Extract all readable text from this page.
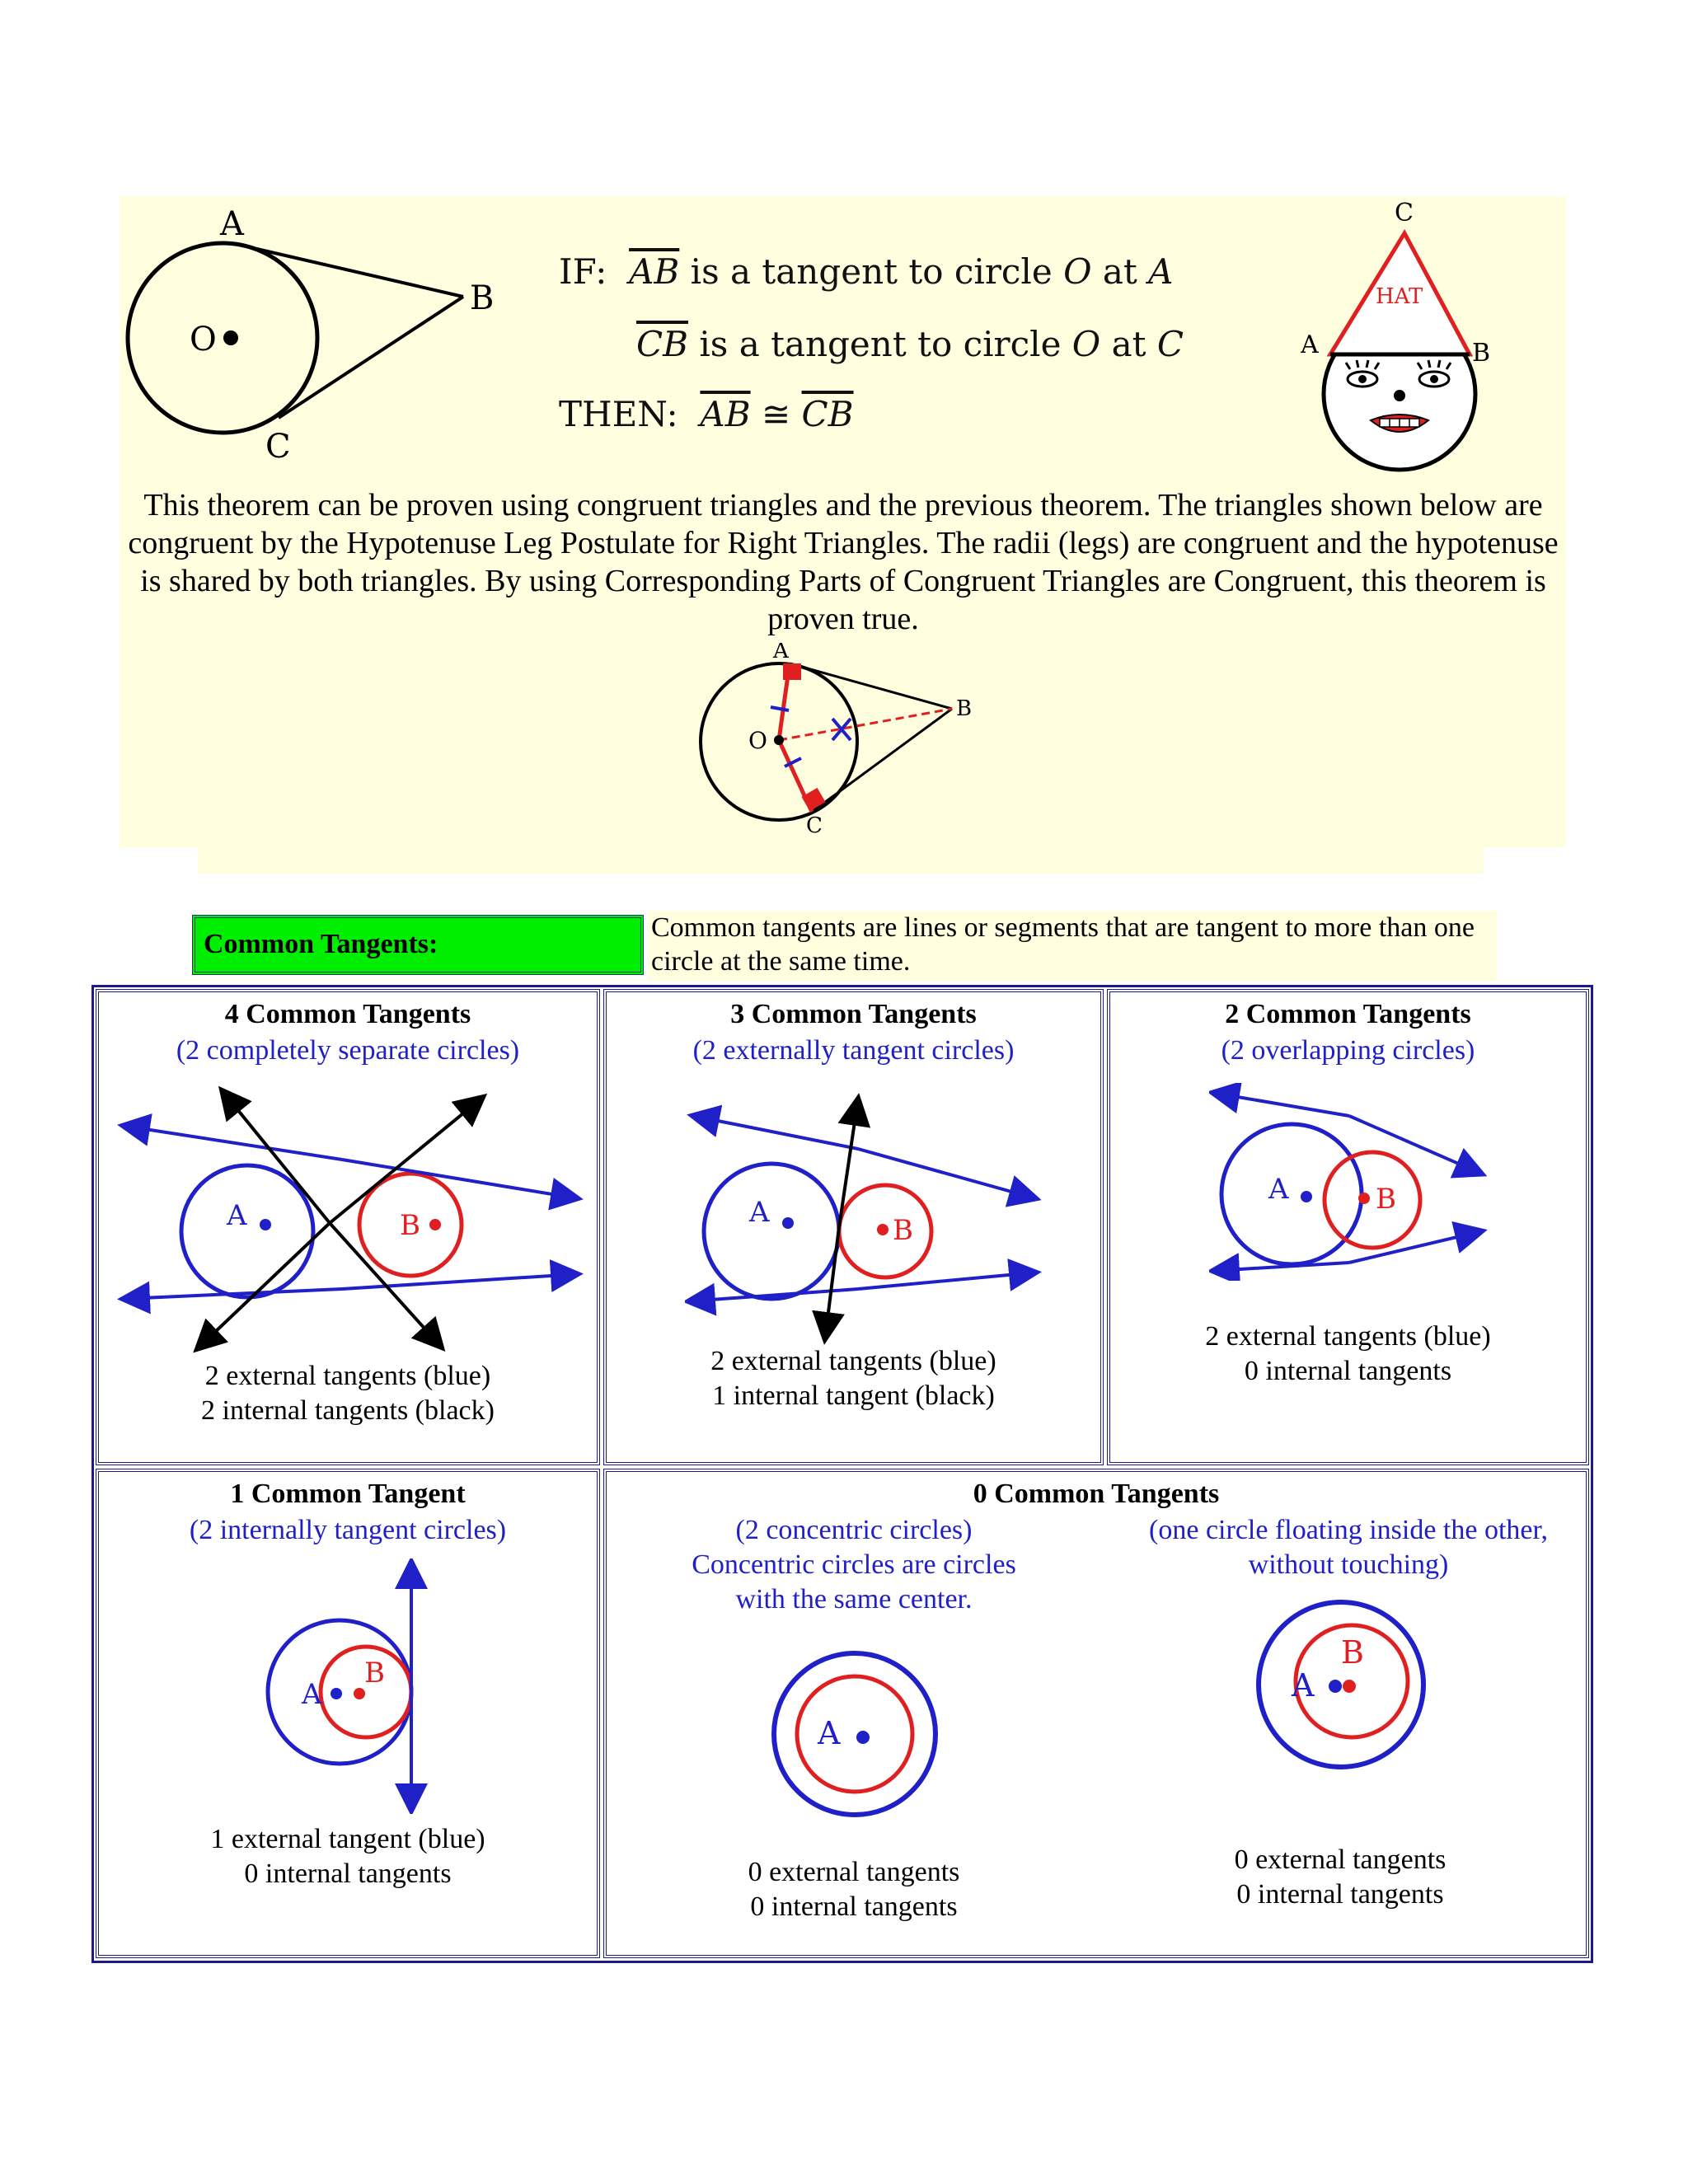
O
A
B
C
IF: $\overline{AB}$ is a tangent to circle O at A
$\overline{CB}$ is a tangent to circle O at C
THEN: $\overline{AB}$ ≅ $\overline{CB}$
HAT
C
A	B
This theorem can be proven using congruent triangles and the previous theorem. The triangles shown below are congruent by the Hypotenuse Leg Postulate for Right Triangles. The radii (legs) are congruent and the hypotenuse is shared by both triangles. By using Corresponding Parts of Congruent Triangles are Congruent, this theorem is proven true.
O
A
B
C
Common Tangents:
Common tangents are lines or segments that are tangent to more than one circle at the same time.
4 Common Tangents
(2 completely separate circles)
A	B
2 external tangents (blue)
2 internal tangents (black)
3 Common Tangents
(2 externally tangent circles)
A
B
2 external tangents (blue)
1 internal tangent (black)
2 Common Tangents
(2 overlapping circles)
A	B
2 external tangents (blue)
0 internal tangents
1 Common Tangent
(2 internally tangent circles)
A
B
1 external tangent (blue)
0 internal tangents
0 Common Tangents
(2 concentric circles)
Concentric circles are circles
with the same center.
(one circle floating inside the other,
without touching)
A
A
B
0 external tangents
0 internal tangents
0 external tangents
0 internal tangents
